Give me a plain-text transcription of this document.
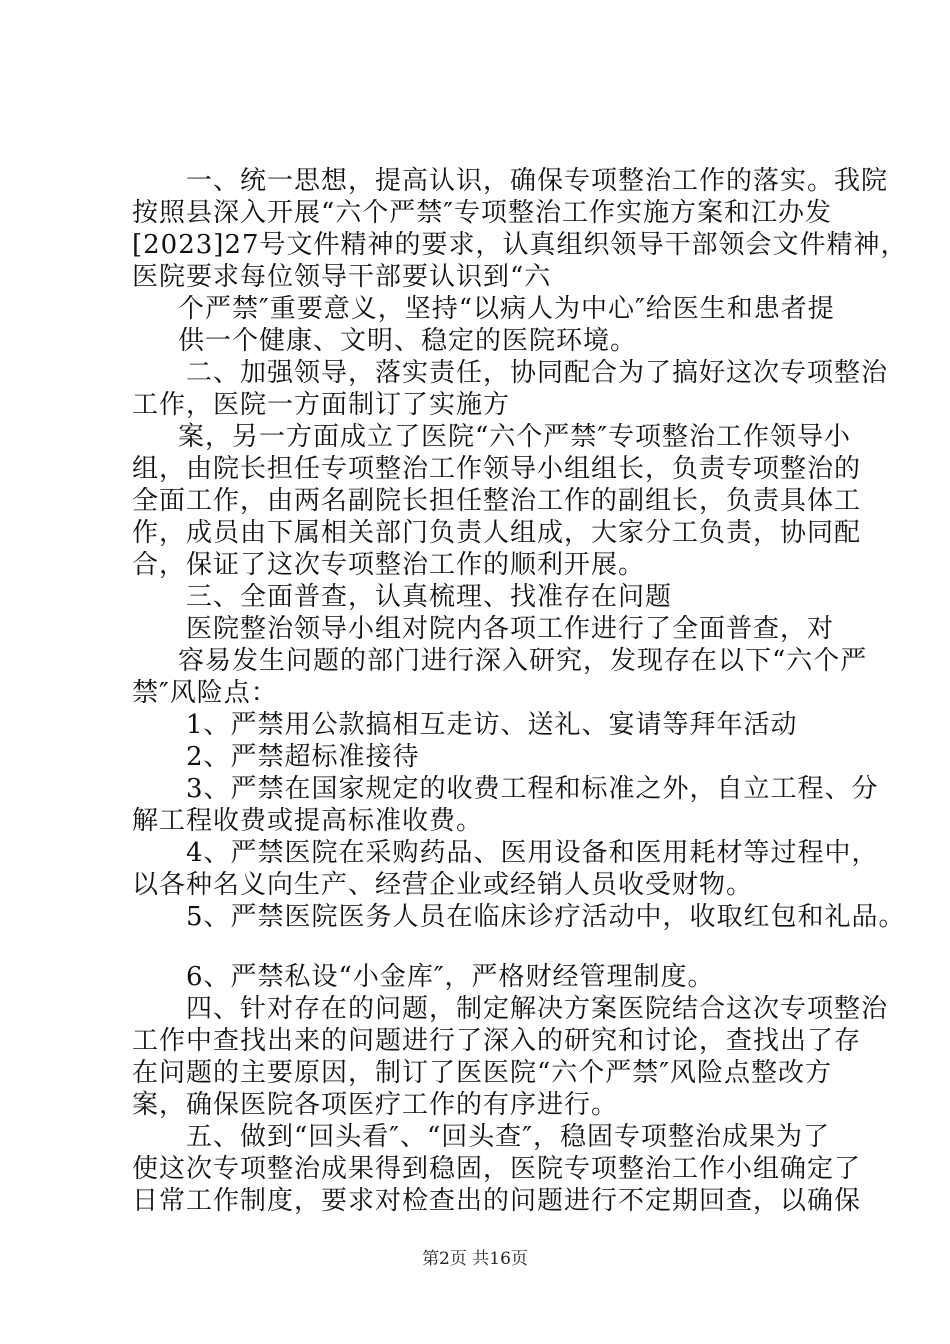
一、统一思想，提高认识，确保专项整治工作的落实。我院
按照县深入开展“六个严禁″专项整治工作实施方案和江办发
[2023]27号文件精神的要求，认真组织领导干部领会文件精神，
医院要求每位领导干部要认识到“六
个严禁″重要意义，坚持“以病人为中心″给医生和患者提
供一个健康、文明、稳定的医院环境。
二、加强领导，落实责任，协同配合为了搞好这次专项整治
工作，医院一方面制订了实施方
案，另一方面成立了医院“六个严禁″专项整治工作领导小
组，由院长担任专项整治工作领导小组组长，负责专项整治的
全面工作，由两名副院长担任整治工作的副组长，负责具体工
作，成员由下属相关部门负责人组成，大家分工负责，协同配
合，保证了这次专项整治工作的顺利开展。
三、全面普查，认真梳理、找准存在问题
医院整治领导小组对院内各项工作进行了全面普查，对
容易发生问题的部门进行深入研究，发现存在以下“六个严
禁″风险点：
1、严禁用公款搞相互走访、送礼、宴请等拜年活动
2、严禁超标准接待
3、严禁在国家规定的收费工程和标准之外，自立工程、分
解工程收费或提高标准收费。
4、严禁医院在采购药品、医用设备和医用耗材等过程中，
以各种名义向生产、经营企业或经销人员收受财物。
5、严禁医院医务人员在临床诊疗活动中，收取红包和礼品。
6、严禁私设“小金库″，严格财经管理制度。
四、针对存在的问题，制定解决方案医院结合这次专项整治
工作中查找出来的问题进行了深入的研究和讨论，查找出了存
在问题的主要原因，制订了医医院“六个严禁″风险点整改方
案，确保医院各项医疗工作的有序进行。
五、做到“回头看″、“回头查″，稳固专项整治成果为了
使这次专项整治成果得到稳固，医院专项整治工作小组确定了
日常工作制度，要求对检查出的问题进行不定期回查，以确保
第2页 共16页
